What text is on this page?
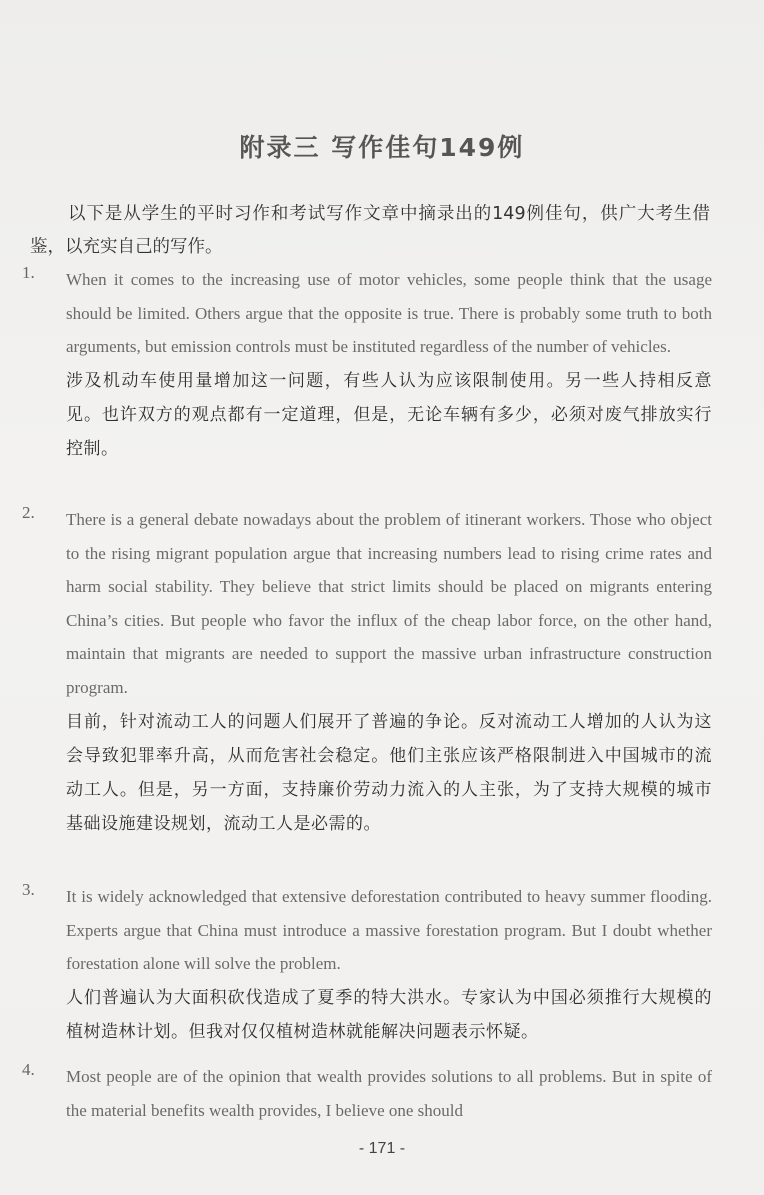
附录三 写作佳句149例
以下是从学生的平时习作和考试写作文章中摘录出的149例佳句，供广大考生借鉴，以充实自己的写作。
1. When it comes to the increasing use of motor vehicles, some people think that the usage should be limited. Others argue that the opposite is true. There is probably some truth to both arguments, but emission controls must be instituted regardless of the number of vehicles.
涉及机动车使用量增加这一问题，有些人认为应该限制使用。另一些人持相反意见。也许双方的观点都有一定道理，但是，无论车辆有多少，必须对废气排放实行控制。
2. There is a general debate nowadays about the problem of itinerant workers. Those who object to the rising migrant population argue that increasing numbers lead to rising crime rates and harm social stability. They believe that strict limits should be placed on migrants entering China’s cities. But people who favor the influx of the cheap labor force, on the other hand, maintain that migrants are needed to support the massive urban infrastructure construction program.
目前，针对流动工人的问题人们展开了普遍的争论。反对流动工人增加的人认为这会导致犯罪率升高，从而危害社会稳定。他们主张应该严格限制进入中国城市的流动工人。但是，另一方面，支持廉价劳动力流入的人主张，为了支持大规模的城市基础设施建设规划，流动工人是必需的。
3. It is widely acknowledged that extensive deforestation contributed to heavy summer flooding. Experts argue that China must introduce a massive forestation program. But I doubt whether forestation alone will solve the problem.
人们普遍认为大面积砍伐造成了夏季的特大洪水。专家认为中国必须推行大规模的植树造林计划。但我对仅仅植树造林就能解决问题表示怀疑。
4. Most people are of the opinion that wealth provides solutions to all problems. But in spite of the material benefits wealth provides, I believe one should
- 171 -
